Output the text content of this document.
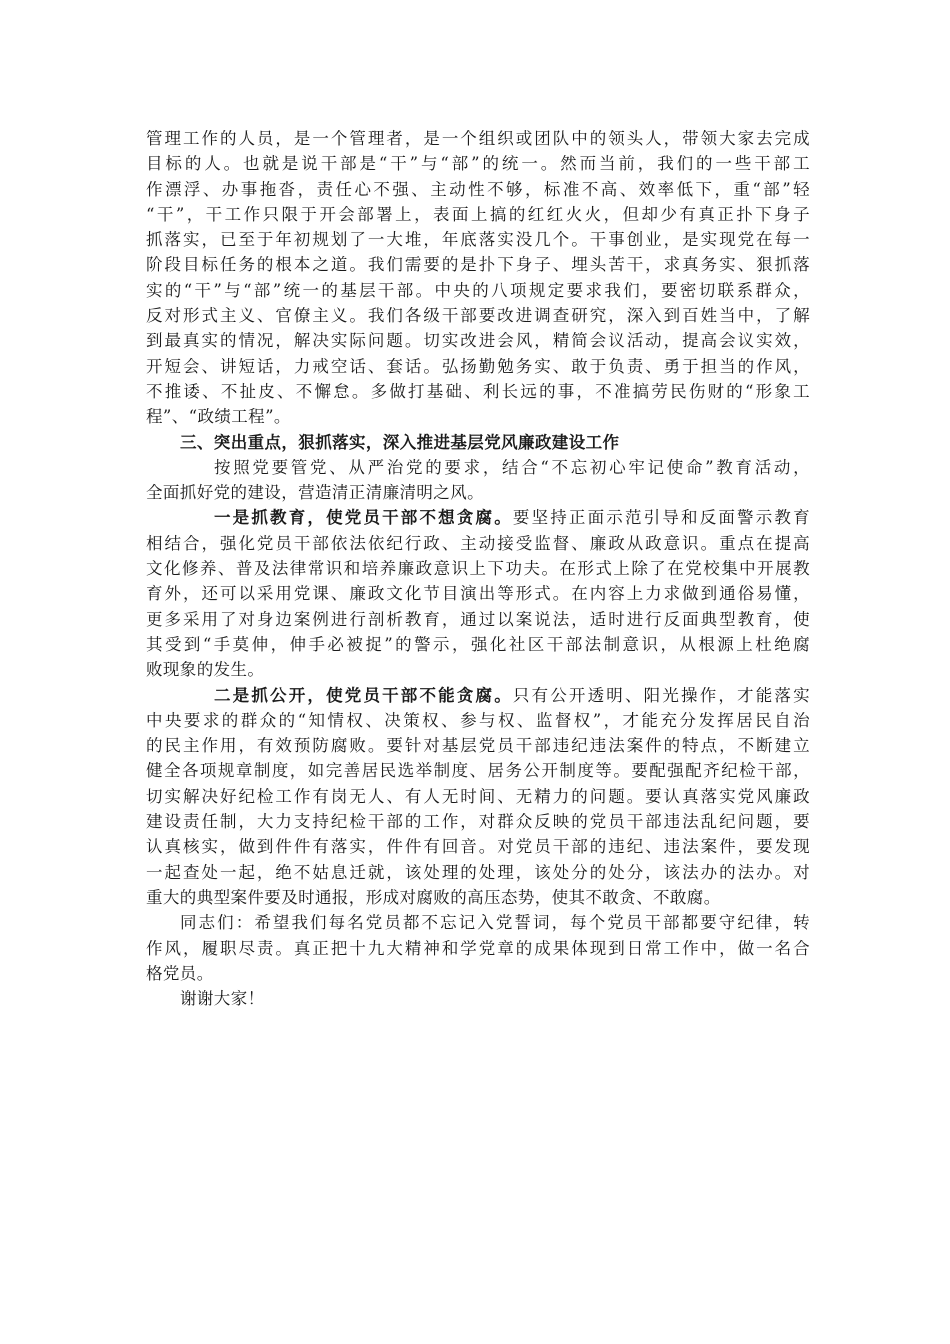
管理工作的人员，是一个管理者，是一个组织或团队中的领头人，带领大家去完成
目标的人。也就是说干部是“干”与“部”的统一。然而当前，我们的一些干部工
作漂浮、办事拖沓，责任心不强、主动性不够，标准不高、效率低下，重“部”轻
“干”，干工作只限于开会部署上，表面上搞的红红火火，但却少有真正扑下身子
抓落实，已至于年初规划了一大堆，年底落实没几个。干事创业，是实现党在每一
阶段目标任务的根本之道。我们需要的是扑下身子、埋头苦干，求真务实、狠抓落
实的“干”与“部”统一的基层干部。中央的八项规定要求我们，要密切联系群众，
反对形式主义、官僚主义。我们各级干部要改进调查研究，深入到百姓当中，了解
到最真实的情况，解决实际问题。切实改进会风，精简会议活动，提高会议实效，
开短会、讲短话，力戒空话、套话。弘扬勤勉务实、敢于负责、勇于担当的作风，
不推诿、不扯皮、不懈怠。多做打基础、利长远的事，不准搞劳民伤财的“形象工
程”、“政绩工程”。
三、突出重点，狠抓落实，深入推进基层党风廉政建设工作
按照党要管党、从严治党的要求，结合“不忘初心牢记使命”教育活动，
全面抓好党的建设，营造清正清廉清明之风。
一是抓教育，使党员干部不想贪腐。要坚持正面示范引导和反面警示教育
相结合，强化党员干部依法依纪行政、主动接受监督、廉政从政意识。重点在提高
文化修养、普及法律常识和培养廉政意识上下功夫。在形式上除了在党校集中开展教
育外，还可以采用党课、廉政文化节目演出等形式。在内容上力求做到通俗易懂，
更多采用了对身边案例进行剖析教育，通过以案说法，适时进行反面典型教育，使
其受到“手莫伸，伸手必被捉”的警示，强化社区干部法制意识，从根源上杜绝腐
败现象的发生。
二是抓公开，使党员干部不能贪腐。只有公开透明、阳光操作，才能落实
中央要求的群众的“知情权、决策权、参与权、监督权”，才能充分发挥居民自治
的民主作用，有效预防腐败。要针对基层党员干部违纪违法案件的特点，不断建立
健全各项规章制度，如完善居民选举制度、居务公开制度等。要配强配齐纪检干部，
切实解决好纪检工作有岗无人、有人无时间、无精力的问题。要认真落实党风廉政
建设责任制，大力支持纪检干部的工作，对群众反映的党员干部违法乱纪问题，要
认真核实，做到件件有落实，件件有回音。对党员干部的违纪、违法案件，要发现
一起查处一起，绝不姑息迁就，该处理的处理，该处分的处分，该法办的法办。对
重大的典型案件要及时通报，形成对腐败的高压态势，使其不敢贪、不敢腐。
同志们：希望我们每名党员都不忘记入党誓词，每个党员干部都要守纪律，转
作风，履职尽责。真正把十九大精神和学党章的成果体现到日常工作中，做一名合
格党员。
谢谢大家！
